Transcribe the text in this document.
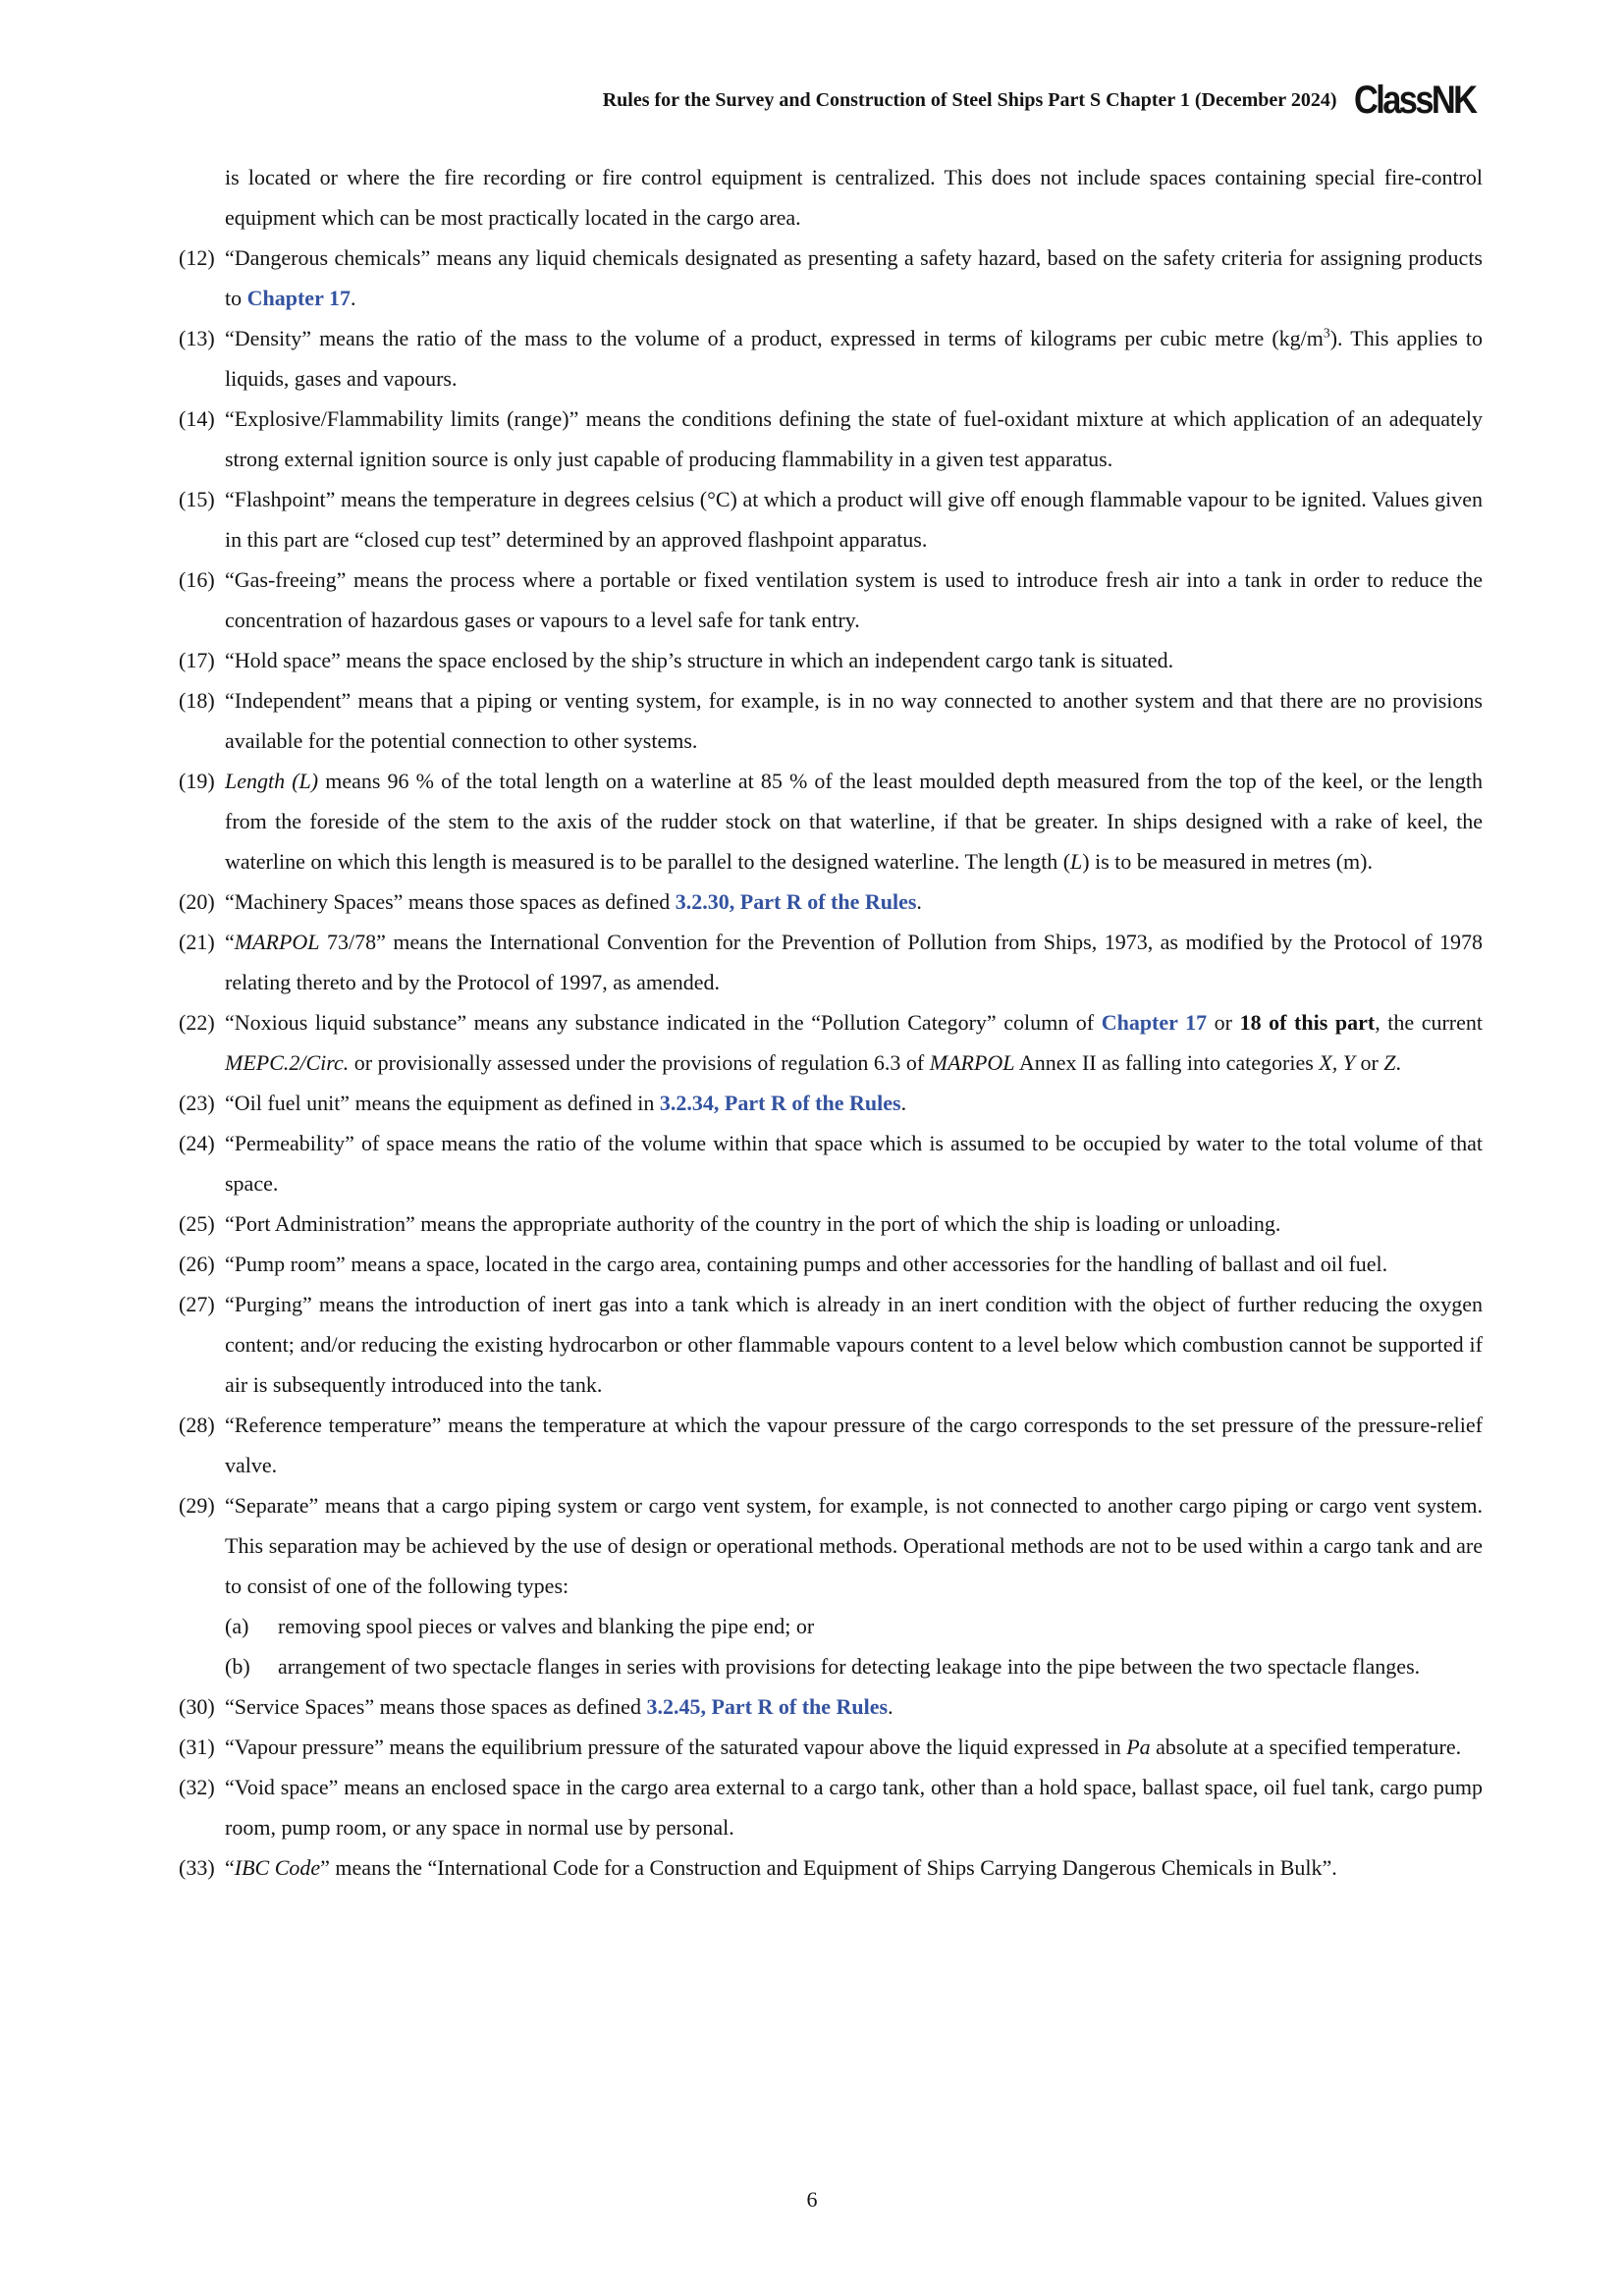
Rules for the Survey and Construction of Steel Ships Part S Chapter 1 (December 2024) ClassNK
is located or where the fire recording or fire control equipment is centralized. This does not include spaces containing special fire-control equipment which can be most practically located in the cargo area.
(12) “Dangerous chemicals” means any liquid chemicals designated as presenting a safety hazard, based on the safety criteria for assigning products to Chapter 17.
(13) “Density” means the ratio of the mass to the volume of a product, expressed in terms of kilograms per cubic metre $(kg/m^3)$. This applies to liquids, gases and vapours.
(14) “Explosive/Flammability limits (range)” means the conditions defining the state of fuel-oxidant mixture at which application of an adequately strong external ignition source is only just capable of producing flammability in a given test apparatus.
(15) “Flashpoint” means the temperature in degrees celsius (°C) at which a product will give off enough flammable vapour to be ignited. Values given in this part are “closed cup test” determined by an approved flashpoint apparatus.
(16) “Gas-freeing” means the process where a portable or fixed ventilation system is used to introduce fresh air into a tank in order to reduce the concentration of hazardous gases or vapours to a level safe for tank entry.
(17) “Hold space” means the space enclosed by the ship’s structure in which an independent cargo tank is situated.
(18) “Independent” means that a piping or venting system, for example, is in no way connected to another system and that there are no provisions available for the potential connection to other systems.
(19) Length (L) means 96 % of the total length on a waterline at 85 % of the least moulded depth measured from the top of the keel, or the length from the foreside of the stem to the axis of the rudder stock on that waterline, if that be greater. In ships designed with a rake of keel, the waterline on which this length is measured is to be parallel to the designed waterline. The length (L) is to be measured in metres (m).
(20) “Machinery Spaces” means those spaces as defined 3.2.30, Part R of the Rules.
(21) “MARPOL 73/78” means the International Convention for the Prevention of Pollution from Ships, 1973, as modified by the Protocol of 1978 relating thereto and by the Protocol of 1997, as amended.
(22) “Noxious liquid substance” means any substance indicated in the “Pollution Category” column of Chapter 17 or 18 of this part, the current MEPC.2/Circ. or provisionally assessed under the provisions of regulation 6.3 of MARPOL Annex II as falling into categories X, Y or Z.
(23) “Oil fuel unit” means the equipment as defined in 3.2.34, Part R of the Rules.
(24) “Permeability” of space means the ratio of the volume within that space which is assumed to be occupied by water to the total volume of that space.
(25) “Port Administration” means the appropriate authority of the country in the port of which the ship is loading or unloading.
(26) “Pump room” means a space, located in the cargo area, containing pumps and other accessories for the handling of ballast and oil fuel.
(27) “Purging” means the introduction of inert gas into a tank which is already in an inert condition with the object of further reducing the oxygen content; and/or reducing the existing hydrocarbon or other flammable vapours content to a level below which combustion cannot be supported if air is subsequently introduced into the tank.
(28) “Reference temperature” means the temperature at which the vapour pressure of the cargo corresponds to the set pressure of the pressure-relief valve.
(29) “Separate” means that a cargo piping system or cargo vent system, for example, is not connected to another cargo piping or cargo vent system. This separation may be achieved by the use of design or operational methods. Operational methods are not to be used within a cargo tank and are to consist of one of the following types:
(a) removing spool pieces or valves and blanking the pipe end; or
(b) arrangement of two spectacle flanges in series with provisions for detecting leakage into the pipe between the two spectacle flanges.
(30) “Service Spaces” means those spaces as defined 3.2.45, Part R of the Rules.
(31) “Vapour pressure” means the equilibrium pressure of the saturated vapour above the liquid expressed in Pa absolute at a specified temperature.
(32) “Void space” means an enclosed space in the cargo area external to a cargo tank, other than a hold space, ballast space, oil fuel tank, cargo pump room, pump room, or any space in normal use by personal.
(33) “IBC Code” means the “International Code for a Construction and Equipment of Ships Carrying Dangerous Chemicals in Bulk”.
6
